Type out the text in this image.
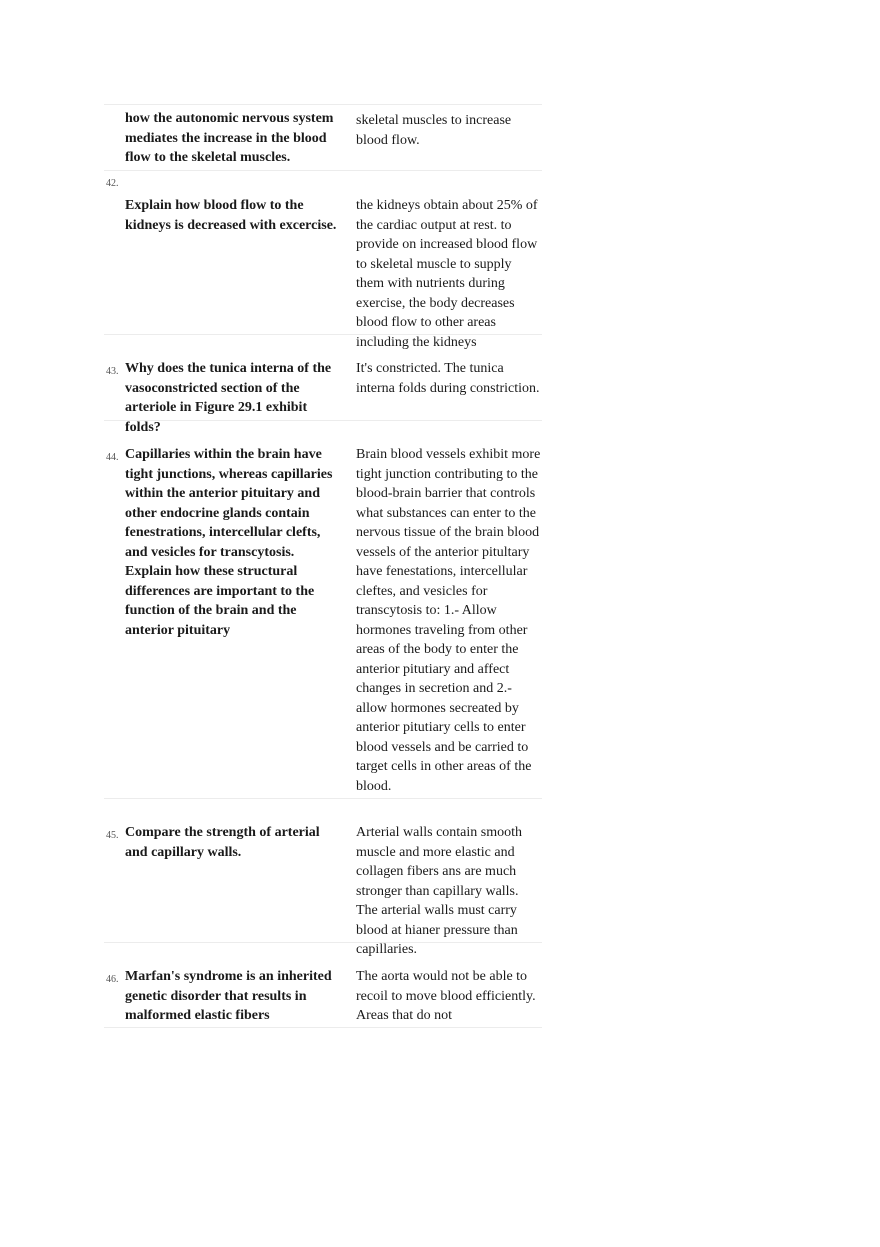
how the autonomic nervous system mediates the increase in the blood flow to the skeletal muscles.
skeletal muscles to increase blood flow.
42.
Explain how blood flow to the kidneys is decreased with excercise.
the kidneys obtain about 25% of the cardiac output at rest. to provide on increased blood flow to skeletal muscle to supply them with nutrients during exercise, the body decreases blood flow to other areas including the kidneys
43. Why does the tunica interna of the vasoconstricted section of the arteriole in Figure 29.1 exhibit folds?
It's constricted. The tunica interna folds during constriction.
44. Capillaries within the brain have tight junctions, whereas capillaries within the anterior pituitary and other endocrine glands contain fenestrations, intercellular clefts, and vesicles for transcytosis. Explain how these structural differences are important to the function of the brain and the anterior pituitary
Brain blood vessels exhibit more tight junction contributing to the blood-brain barrier that controls what substances can enter to the nervous tissue of the brain blood vessels of the anterior pitultary have fenestations, intercellular cleftes, and vesicles for transcytosis to: 1.- Allow hormones traveling from other areas of the body to enter the anterior pitutiary and affect changes in secretion and 2.- allow hormones secreated by anterior pitutiary cells to enter blood vessels and be carried to target cells in other areas of the blood.
45. Compare the strength of arterial and capillary walls.
Arterial walls contain smooth muscle and more elastic and collagen fibers ans are much stronger than capillary walls. The arterial walls must carry blood at hianer pressure than capillaries.
46. Marfan's syndrome is an inherited genetic disorder that results in malformed elastic fibers
The aorta would not be able to recoil to move blood efficiently. Areas that do not
